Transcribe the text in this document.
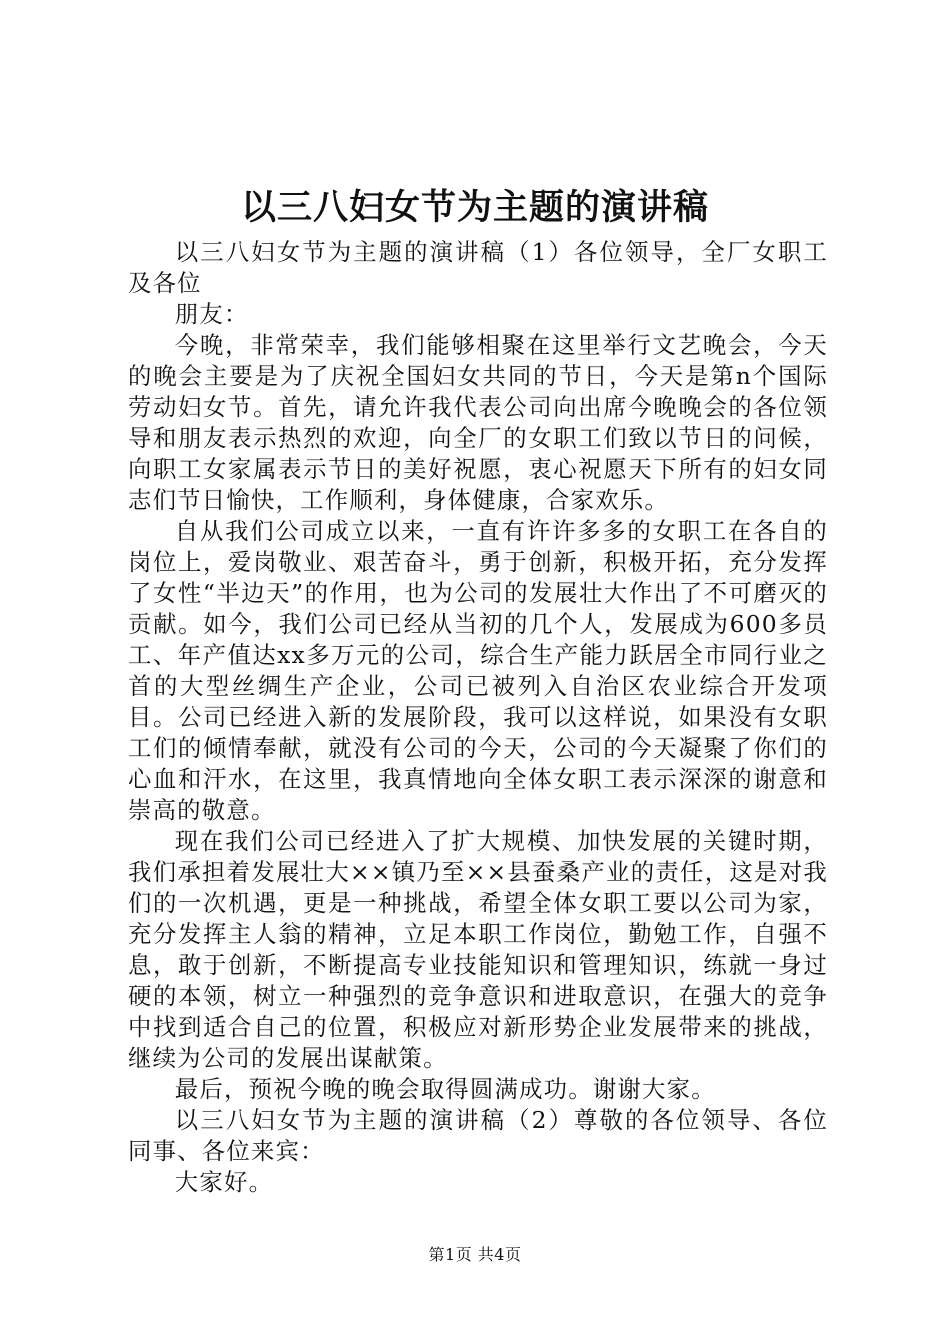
以三八妇女节为主题的演讲稿

以三八妇女节为主题的演讲稿（1）各位领导，全厂女职工及各位

朋友：

今晚，非常荣幸，我们能够相聚在这里举行文艺晚会，今天的晚会主要是为了庆祝全国妇女共同的节日，今天是第n个国际劳动妇女节。首先，请允许我代表公司向出席今晚晚会的各位领导和朋友表示热烈的欢迎，向全厂的女职工们致以节日的问候，向职工女家属表示节日的美好祝愿，衷心祝愿天下所有的妇女同志们节日愉快，工作顺利，身体健康，合家欢乐。

自从我们公司成立以来，一直有许许多多的女职工在各自的岗位上，爱岗敬业、艰苦奋斗，勇于创新，积极开拓，充分发挥了女性“半边天”的作用，也为公司的发展壮大作出了不可磨灭的贡献。如今，我们公司已经从当初的几个人，发展成为600多员工、年产值达xx多万元的公司，综合生产能力跃居全市同行业之首的大型丝绸生产企业，公司已被列入自治区农业综合开发项目。公司已经进入新的发展阶段，我可以这样说，如果没有女职工们的倾情奉献，就没有公司的今天，公司的今天凝聚了你们的心血和汗水，在这里，我真情地向全体女职工表示深深的谢意和崇高的敬意。

现在我们公司已经进入了扩大规模、加快发展的关键时期，我们承担着发展壮大××镇乃至××县蚕桑产业的责任，这是对我们的一次机遇，更是一种挑战，希望全体女职工要以公司为家，充分发挥主人翁的精神，立足本职工作岗位，勤勉工作，自强不息，敢于创新，不断提高专业技能知识和管理知识，练就一身过硬的本领，树立一种强烈的竞争意识和进取意识，在强大的竞争中找到适合自己的位置，积极应对新形势企业发展带来的挑战，继续为公司的发展出谋献策。

最后，预祝今晚的晚会取得圆满成功。谢谢大家。

以三八妇女节为主题的演讲稿（2）尊敬的各位领导、各位同事、各位来宾：

大家好。

第1页 共4页
